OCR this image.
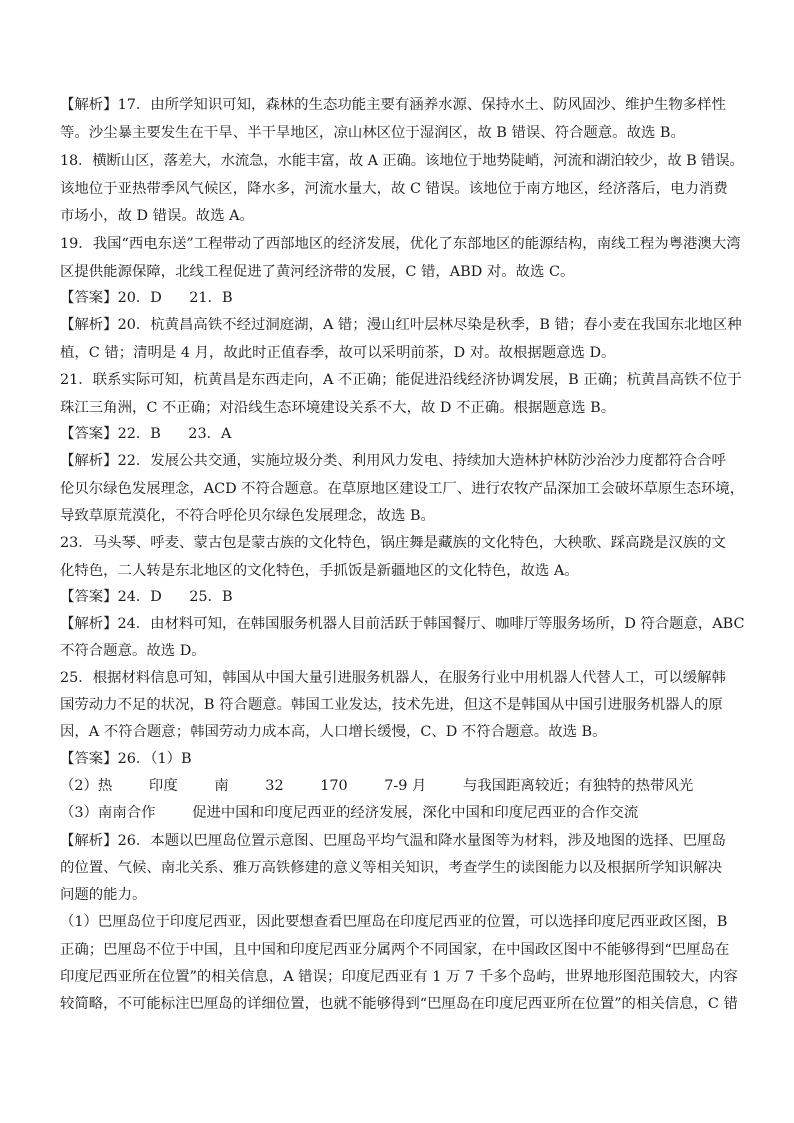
【解析】17．由所学知识可知，森林的生态功能主要有涵养水源、保持水土、防风固沙、维护生物多样性
等。沙尘暴主要发生在干旱、半干旱地区，凉山林区位于湿润区，故 B 错误、符合题意。故选 B。
18．横断山区，落差大，水流急，水能丰富，故 A 正确。该地位于地势陡峭，河流和湖泊较少，故 B 错误。
该地位于亚热带季风气候区，降水多，河流水量大，故 C 错误。该地位于南方地区，经济落后，电力消费
市场小，故 D 错误。故选 A。
19．我国“西电东送”工程带动了西部地区的经济发展，优化了东部地区的能源结构，南线工程为粤港澳大湾
区提供能源保障，北线工程促进了黄河经济带的发展，C 错，ABD 对。故选 C。
【答案】20．D      21．B
【解析】20．杭黄昌高铁不经过洞庭湖，A 错；漫山红叶层林尽染是秋季，B 错；春小麦在我国东北地区种
植，C 错；清明是 4 月，故此时正值春季，故可以采明前茶，D 对。故根据题意选 D。
21．联系实际可知，杭黄昌是东西走向，A 不正确；能促进沿线经济协调发展，B 正确；杭黄昌高铁不位于
珠江三角洲，C 不正确；对沿线生态环境建设关系不大，故 D 不正确。根据题意选 B。
【答案】22．B      23．A
【解析】22．发展公共交通，实施垃圾分类、利用风力发电、持续加大造林护林防沙治沙力度都符合合呼
伦贝尔绿色发展理念，ACD 不符合题意。在草原地区建设工厂、进行农牧产品深加工会破坏草原生态环境，
导致草原荒漠化，不符合呼伦贝尔绿色发展理念，故选 B。
23．马头琴、呼麦、蒙古包是蒙古族的文化特色，锅庄舞是藏族的文化特色，大秧歌、踩高跷是汉族的文
化特色，二人转是东北地区的文化特色，手抓饭是新疆地区的文化特色，故选 A。
【答案】24．D      25．B
【解析】24．由材料可知，在韩国服务机器人目前活跃于韩国餐厅、咖啡厅等服务场所，D 符合题意，ABC
不符合题意。故选 D。
25．根据材料信息可知，韩国从中国大量引进服务机器人，在服务行业中用机器人代替人工，可以缓解韩
国劳动力不足的状况，B 符合题意。韩国工业发达，技术先进，但这不是韩国从中国引进服务机器人的原
因，A 不符合题意；韩国劳动力成本高，人口增长缓慢，C、D 不符合题意。故选 B。
【答案】26．（1）B
（2）热        印度        南        32        170        7-9 月        与我国距离较近；有独特的热带风光
（3）南南合作        促进中国和印度尼西亚的经济发展，深化中国和印度尼西亚的合作交流
【解析】26．本题以巴厘岛位置示意图、巴厘岛平均气温和降水量图等为材料，涉及地图的选择、巴厘岛
的位置、气候、南北关系、雅万高铁修建的意义等相关知识，考查学生的读图能力以及根据所学知识解决
问题的能力。
（1）巴厘岛位于印度尼西亚，因此要想查看巴厘岛在印度尼西亚的位置，可以选择印度尼西亚政区图，B
正确；巴厘岛不位于中国，且中国和印度尼西亚分属两个不同国家，在中国政区图中不能够得到“巴厘岛在
印度尼西亚所在位置”的相关信息，A 错误；印度尼西亚有 1 万 7 千多个岛屿，世界地形图范围较大，内容
较简略，不可能标注巴厘岛的详细位置，也就不能够得到“巴厘岛在印度尼西亚所在位置”的相关信息，C 错
